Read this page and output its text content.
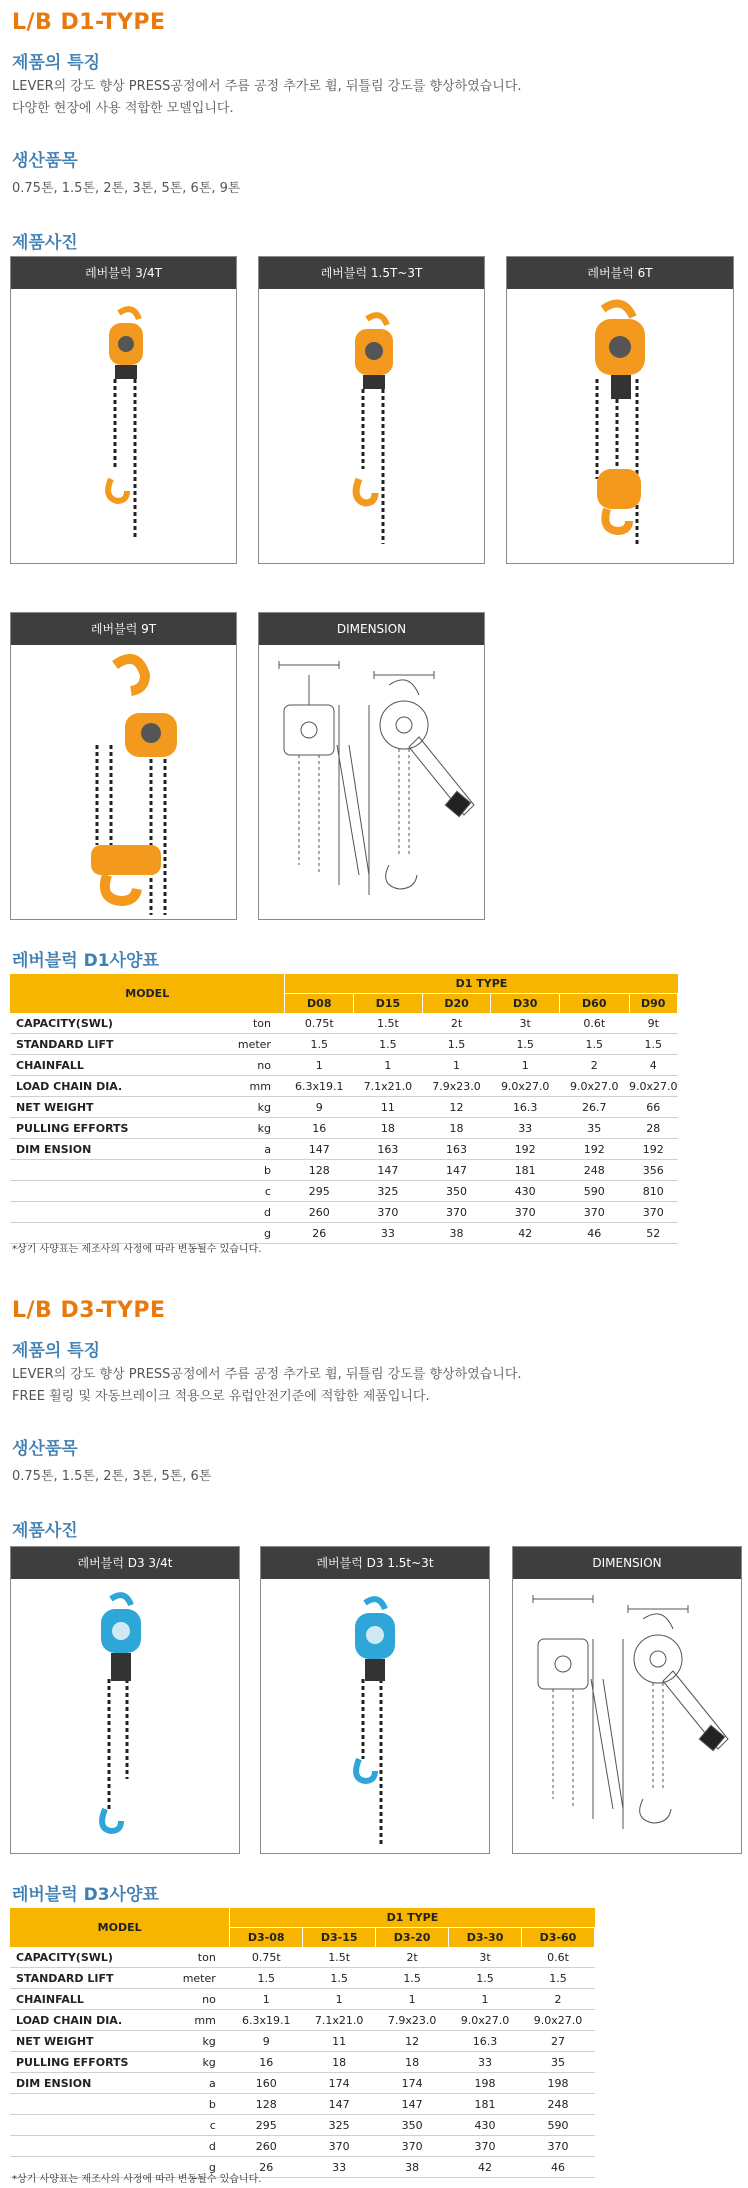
L/B D1-TYPE
제품의 특징
LEVER의 강도 향상 PRESS공정에서 주름 공정 추가로 휨, 뒤틀림 강도를 향상하였습니다.
다양한 현장에 사용 적합한 모델입니다.
생산품목
0.75톤, 1.5톤, 2톤, 3톤, 5톤, 6톤, 9톤
제품사진
레버블럭 3/4T	레버블럭 1.5T~3T	레버블럭 6T
레버블럭 9T	DIMENSION
레버블럭 D1사양표
MODEL		D1 TYPE					
		D08	D15	D20	D30	D60	D90
CAPACITY(SWL)	ton	0.75t	1.5t	2t	3t	0.6t	9t
STANDARD LIFT	meter	1.5	1.5	1.5	1.5	1.5	1.5
CHAINFALL	no	1	1	1	1	2	4
LOAD CHAIN DIA.	mm	6.3x19.1	7.1x21.0	7.9x23.0	9.0x27.0	9.0x27.0	9.0x27.0
NET WEIGHT	kg	9	11	12	16.3	26.7	66
PULLING EFFORTS	kg	16	18	18	33	35	28
DIM ENSION	a	147	163	163	192	192	192
	b	128	147	147	181	248	356
	c	295	325	350	430	590	810
	d	260	370	370	370	370	370
	g	26	33	38	42	46	52
*상기 사양표는 제조사의 사정에 따라 변동될수 있습니다.
L/B D3-TYPE
제품의 특징
LEVER의 강도 향상 PRESS공정에서 주름 공정 추가로 휨, 뒤틀림 강도를 향상하였습니다.
FREE 휠링 및 자동브레이크 적용으로 유럽안전기준에 적합한 제품입니다.
생산품목
0.75톤, 1.5톤, 2톤, 3톤, 5톤, 6톤
제품사진
레버블럭 D3 3/4t	레버블럭 D3 1.5t~3t	DIMENSION
레버블럭 D3사양표
MODEL		D1 TYPE				
		D3-08	D3-15	D3-20	D3-30	D3-60
CAPACITY(SWL)	ton	0.75t	1.5t	2t	3t	0.6t
STANDARD LIFT	meter	1.5	1.5	1.5	1.5	1.5
CHAINFALL	no	1	1	1	1	2
LOAD CHAIN DIA.	mm	6.3x19.1	7.1x21.0	7.9x23.0	9.0x27.0	9.0x27.0
NET WEIGHT	kg	9	11	12	16.3	27
PULLING EFFORTS	kg	16	18	18	33	35
DIM ENSION	a	160	174	174	198	198
	b	128	147	147	181	248
	c	295	325	350	430	590
	d	260	370	370	370	370
	g	26	33	38	42	46
*상기 사양표는 제조사의 사정에 따라 변동될수 있습니다.
